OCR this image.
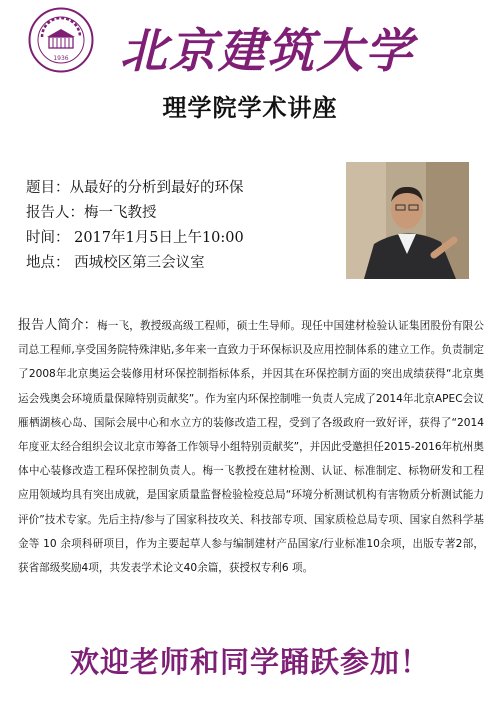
1936 北京建筑大学
理学院学术讲座
题目：从最好的分析到最好的环保
报告人：梅一飞教授
时间： 2017年1月5日上午10:00
地点： 西城校区第三会议室
报告人简介：梅一飞，教授级高级工程师，硕士生导师。现任中国建材检验认证集团股份有限公司总工程师,享受国务院特殊津贴,多年来一直致力于环保标识及应用控制体系的建立工作。负责制定了2008年北京奥运会装修用材环保控制指标体系，并因其在环保控制方面的突出成绩获得“北京奥运会残奥会环境质量保障特别贡献奖”。作为室内环保控制唯一负责人完成了2014年北京APEC会议雁栖湖核心岛、国际会展中心和水立方的装修改造工程，受到了各级政府一致好评，获得了“2014年度亚太经合组织会议北京市筹备工作领导小组特别贡献奖”，并因此受邀担任2015-2016年杭州奥体中心装修改造工程环保控制负责人。梅一飞教授在建材检测、认证、标准制定、标物研发和工程应用领域均具有突出成就，是国家质量监督检验检疫总局“环境分析测试机构有害物质分析测试能力评价”技术专家。先后主持/参与了国家科技攻关、科技部专项、国家质检总局专项、国家自然科学基金等 10 余项科研项目，作为主要起草人参与编制建材产品国家/行业标准10余项，出版专著2部，获省部级奖励4项，共发表学术论文40余篇，获授权专利6 项。
欢迎老师和同学踊跃参加！
